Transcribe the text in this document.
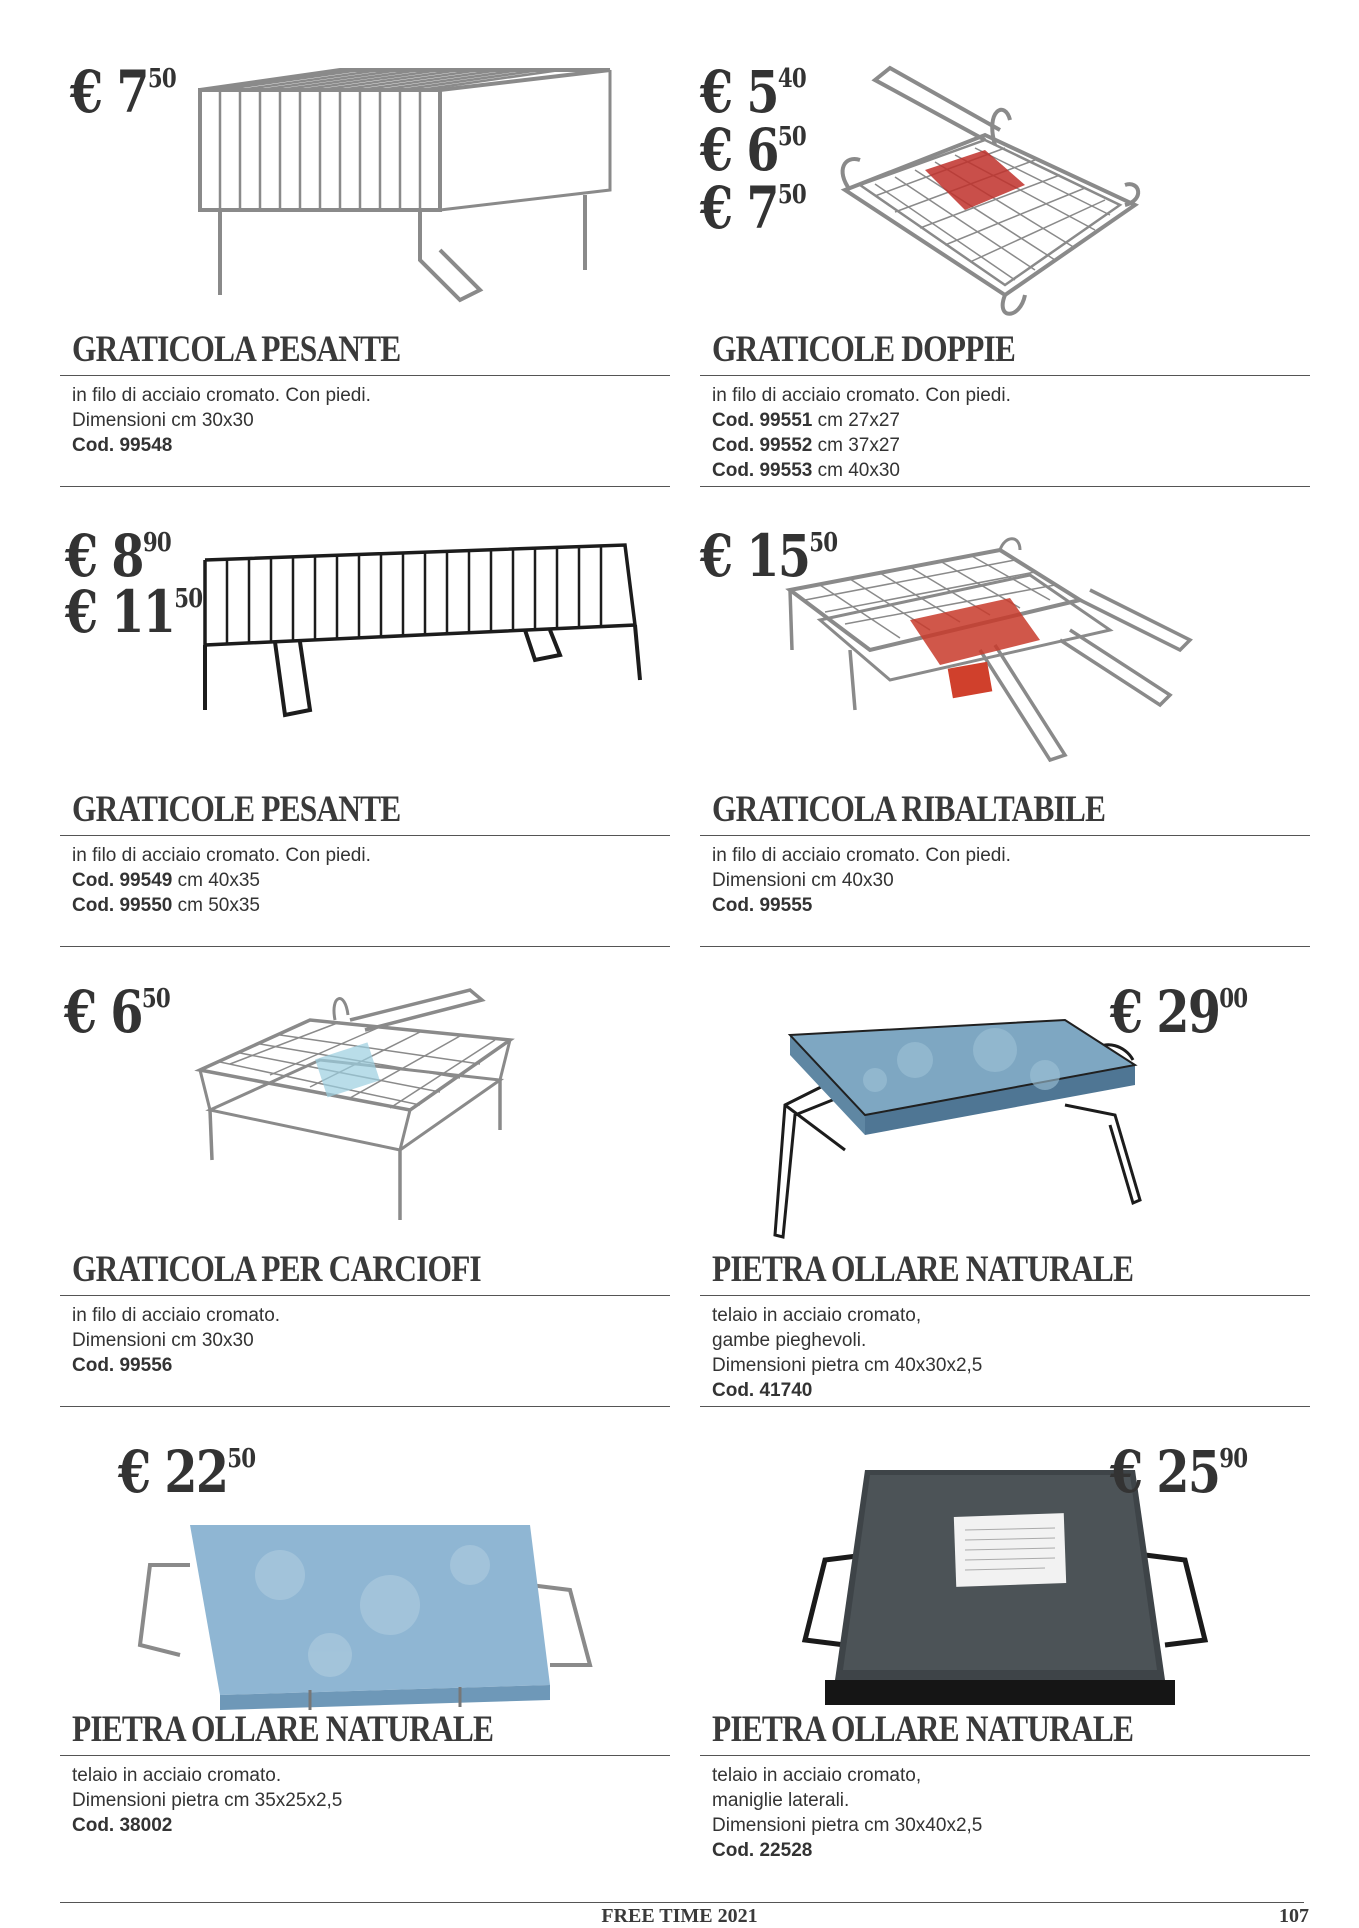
€ $7^{50}$
GRATICOLA PESANTE
in filo di acciaio cromato. Con piedi.
Dimensioni cm 30x30
Cod. 99548
€ $5^{40}$
€ $6^{50}$
€ $7^{50}$
GRATICOLE DOPPIE
in filo di acciaio cromato. Con piedi.
Cod. 99551 cm 27x27
Cod. 99552 cm 37x27
Cod. 99553 cm 40x30
€ $8^{90}$
€ $11^{50}$
GRATICOLE PESANTE
in filo di acciaio cromato. Con piedi.
Cod. 99549 cm 40x35
Cod. 99550 cm 50x35
€ $15^{50}$
GRATICOLA RIBALTABILE
in filo di acciaio cromato. Con piedi.
Dimensioni cm 40x30
Cod. 99555
€ $6^{50}$
GRATICOLA PER CARCIOFI
in filo di acciaio cromato.
Dimensioni cm 30x30
Cod. 99556
€ $29^{00}$
PIETRA OLLARE NATURALE
telaio in acciaio cromato,
gambe pieghevoli.
Dimensioni pietra cm 40x30x2,5
Cod. 41740
€ $22^{50}$
PIETRA OLLARE NATURALE
telaio in acciaio cromato.
Dimensioni pietra cm 35x25x2,5
Cod. 38002
€ $25^{90}$
PIETRA OLLARE NATURALE
telaio in acciaio cromato,
maniglie laterali.
Dimensioni pietra cm 30x40x2,5
Cod. 22528
FREE TIME 2021	107
